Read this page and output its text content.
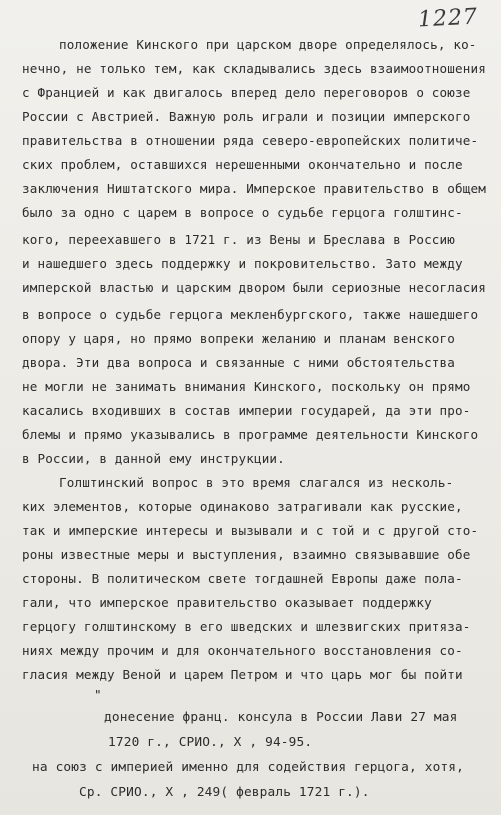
1227
положение Кинского при царском дворе определялось, ко-
нечно, не только тем, как складывались здесь взаимоотношения
с Францией и как двигалось вперед дело переговоров о союзе
России с Австрией. Важную роль играли и позиции имперского
правительства в отношении ряда северо-европейских политиче-
ских проблем, оставшихся нерешенными окончательно и после
заключения Ништатского мира. Имперское правительство в общем
было за одно с царем в вопросе о судьбе герцога голштинс-
кого, переехавшего в 1721 г. из Вены и Бреслава в Россию
и нашедшего здесь поддержку и покровительство. Зато между
имперской властью и царским двором были сериозные несогласия
в вопросе о судьбе герцога мекленбургского, также нашедшего
опору у царя, но прямо вопреки желанию и планам венского
двора. Эти два вопроса и связанные с ними обстоятельства
не могли не занимать внимания Кинского, поскольку он прямо
касались входивших в состав империи государей, да эти про-
блемы и прямо указывались в программе деятельности Кинского
в России, в данной ему инструкции.
Голштинский вопрос в это время слагался из несколь-
ких элементов, которые одинаково затрагивали как русские,
так и имперские интересы и вызывали и с той и с другой сто-
роны известные меры и выступления, взаимно связывавшие обе
стороны. В политическом свете тогдашней Европы даже пола-
гали, что имперское правительство оказывает поддержку
герцогу голштинскому в его шведских и шлезвигских притяза-
ниях между прочим и для окончательного восстановления со-
гласия между Веной и царем Петром и что царь мог бы пойти
"
донесение франц. консула в России Лави 27 мая
1720 г., СРИО., Х , 94-95.
на союз с империей именно для содействия герцога, хотя,
Ср. СРИО., Х , 249( февраль 1721 г.).
